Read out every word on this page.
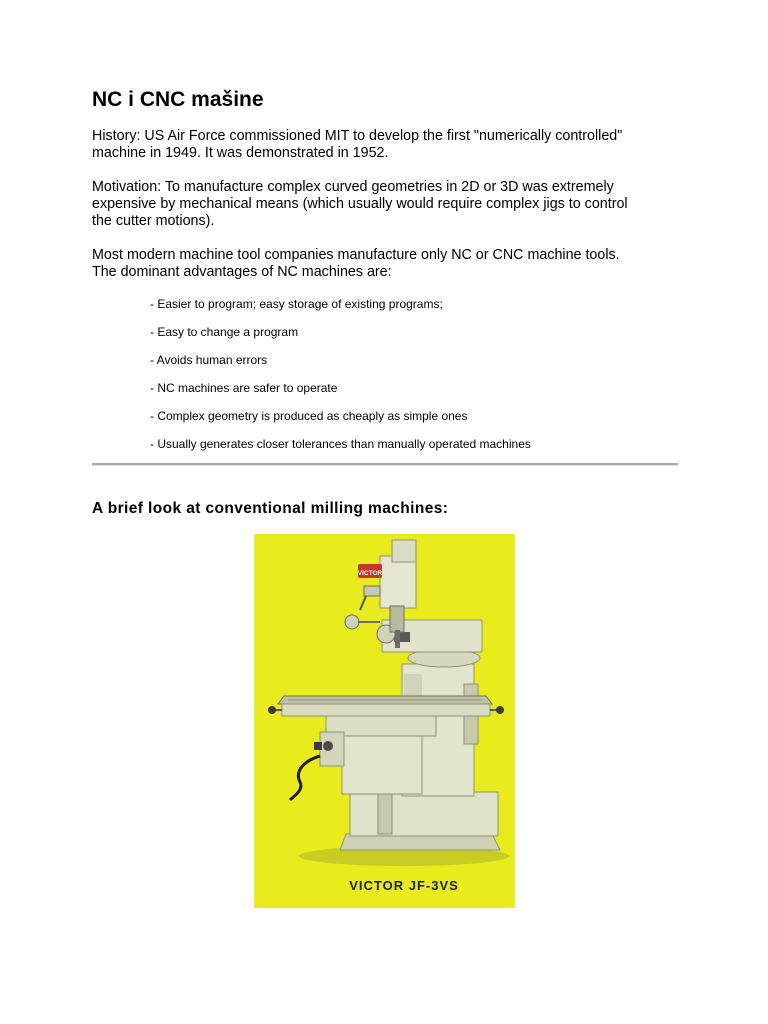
NC i CNC mašine

History: US Air Force commissioned MIT to develop the first "numerically controlled"
machine in 1949. It was demonstrated in 1952.

Motivation: To manufacture complex curved geometries in 2D or 3D was extremely
expensive by mechanical means (which usually would require complex jigs to control
the cutter motions).

Most modern machine tool companies manufacture only NC or CNC machine tools.
The dominant advantages of NC machines are:

- Easier to program; easy storage of existing programs;
- Easy to change a program
- Avoids human errors
- NC machines are safer to operate
- Complex geometry is produced as cheaply as simple ones
- Usually generates closer tolerances than manually operated machines
A brief look at conventional milling machines:
VICTOR
VICTOR JF-3VS
